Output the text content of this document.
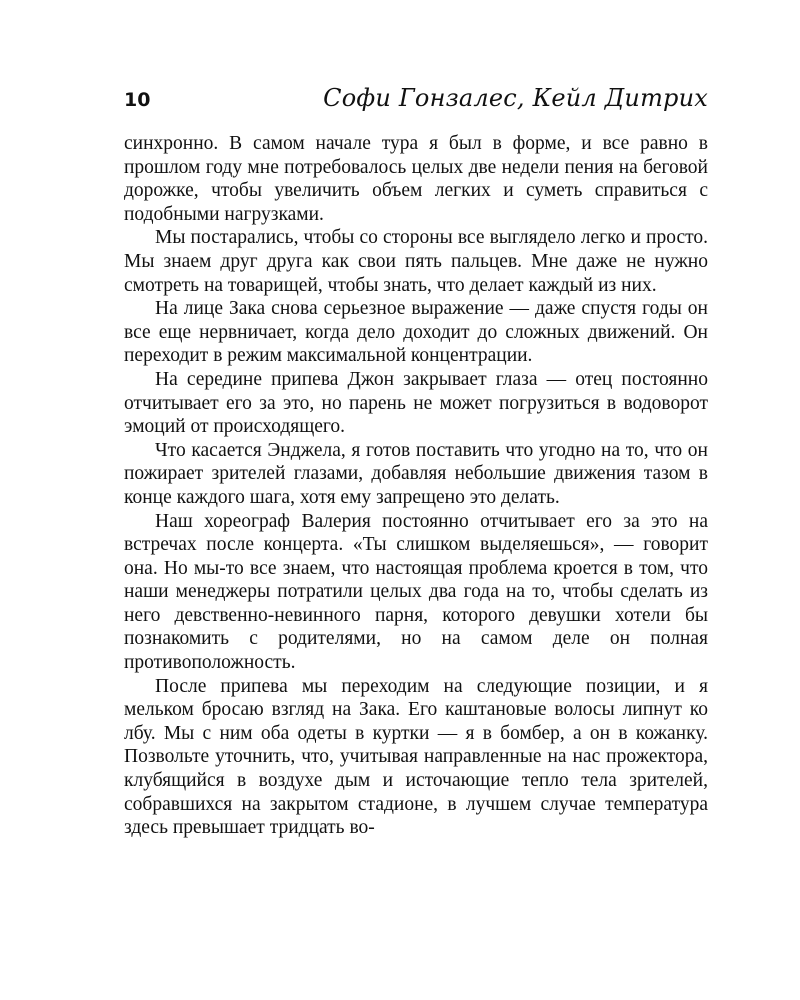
10	Софи Гонзалес, Кейл Дитрих

синхронно. В самом начале тура я был в форме, и все равно в прошлом году мне потребовалось целых две недели пения на беговой дорожке, чтобы увеличить объем легких и суметь справиться с подобными нагрузками.

Мы постарались, чтобы со стороны все выглядело легко и просто. Мы знаем друг друга как свои пять пальцев. Мне даже не нужно смотреть на товарищей, чтобы знать, что делает каждый из них.

На лице Зака снова серьезное выражение — даже спустя годы он все еще нервничает, когда дело доходит до сложных движений. Он переходит в режим максимальной концентрации.

На середине припева Джон закрывает глаза — отец постоянно отчитывает его за это, но парень не может погрузиться в водоворот эмоций от происходящего.

Что касается Энджела, я готов поставить что угодно на то, что он пожирает зрителей глазами, добавляя небольшие движения тазом в конце каждого шага, хотя ему запрещено это делать.

Наш хореограф Валерия постоянно отчитывает его за это на встречах после концерта. «Ты слишком выделяешься», — говорит она. Но мы-то все знаем, что настоящая проблема кроется в том, что наши менеджеры потратили целых два года на то, чтобы сделать из него девственно-невинного парня, которого девушки хотели бы познакомить с родителями, но на самом деле он полная противоположность.

После припева мы переходим на следующие позиции, и я мельком бросаю взгляд на Зака. Его каштановые волосы липнут ко лбу. Мы с ним оба одеты в куртки — я в бомбер, а он в кожанку. Позвольте уточнить, что, учитывая направленные на нас прожектора, клубящийся в воздухе дым и источающие тепло тела зрителей, собравшихся на закрытом стадионе, в лучшем случае температура здесь превышает тридцать во-
